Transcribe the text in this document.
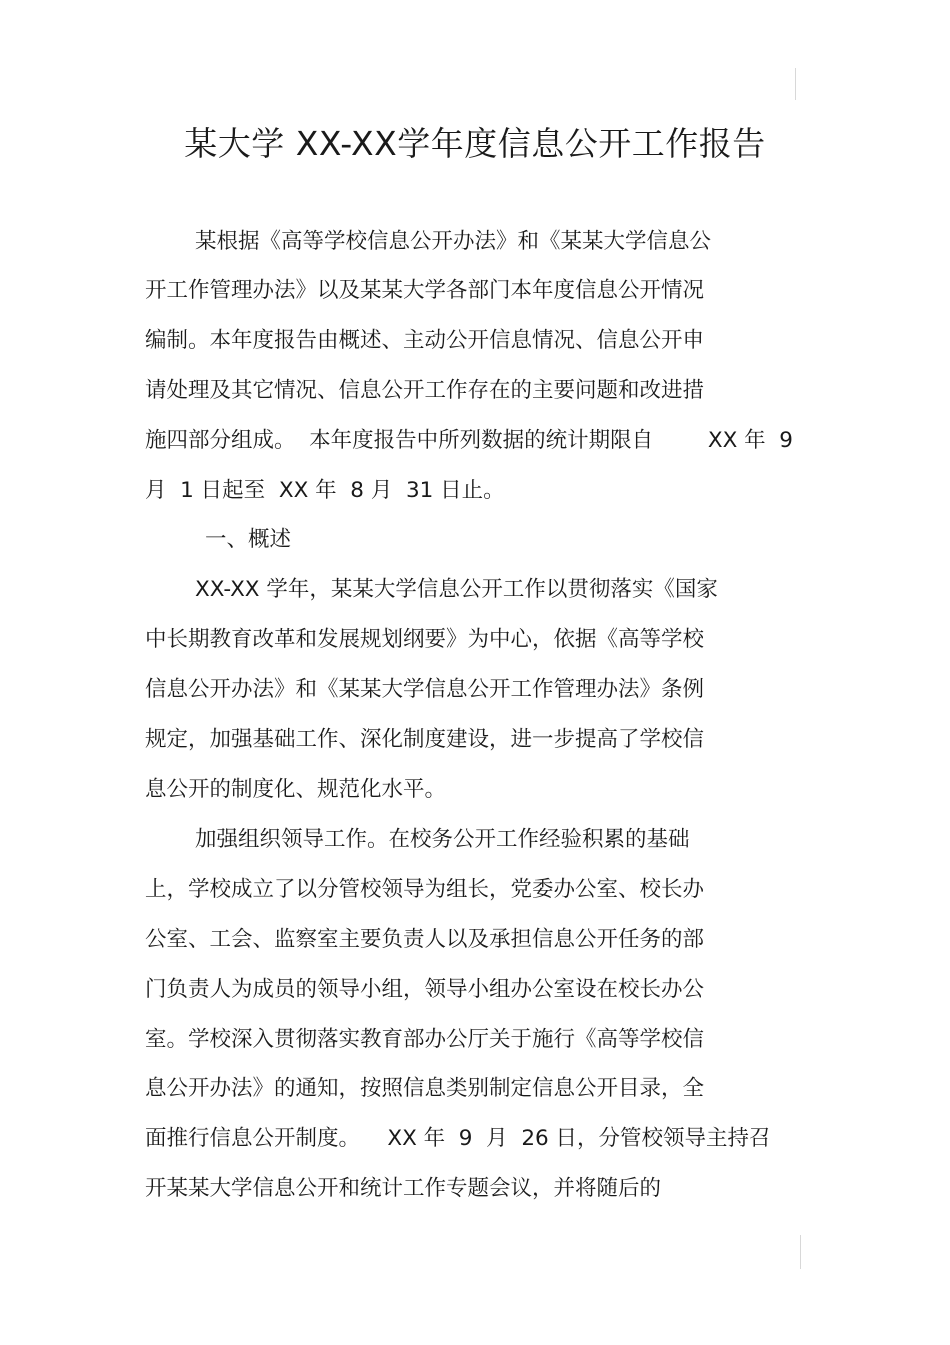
某大学 XX-XX学年度信息公开工作报告
某根据《高等学校信息公开办法》和《某某大学信息公
开工作管理办法》以及某某大学各部门本年度信息公开情况
编制。本年度报告由概述、主动公开信息情况、信息公开申
请处理及其它情况、信息公开工作存在的主要问题和改进措
施四部分组成。  本年度报告中所列数据的统计期限自        XX 年  9
月  1 日起至  XX 年  8 月  31 日止。
一、概述
XX-XX 学年，某某大学信息公开工作以贯彻落实《国家
中长期教育改革和发展规划纲要》为中心，依据《高等学校
信息公开办法》和《某某大学信息公开工作管理办法》条例
规定，加强基础工作、深化制度建设，进一步提高了学校信
息公开的制度化、规范化水平。
加强组织领导工作。在校务公开工作经验积累的基础
上，学校成立了以分管校领导为组长，党委办公室、校长办
公室、工会、监察室主要负责人以及承担信息公开任务的部
门负责人为成员的领导小组，领导小组办公室设在校长办公
室。学校深入贯彻落实教育部办公厅关于施行《高等学校信
息公开办法》的通知，按照信息类别制定信息公开目录，全
面推行信息公开制度。    XX 年  9  月  26 日，分管校领导主持召
开某某大学信息公开和统计工作专题会议，并将随后的
